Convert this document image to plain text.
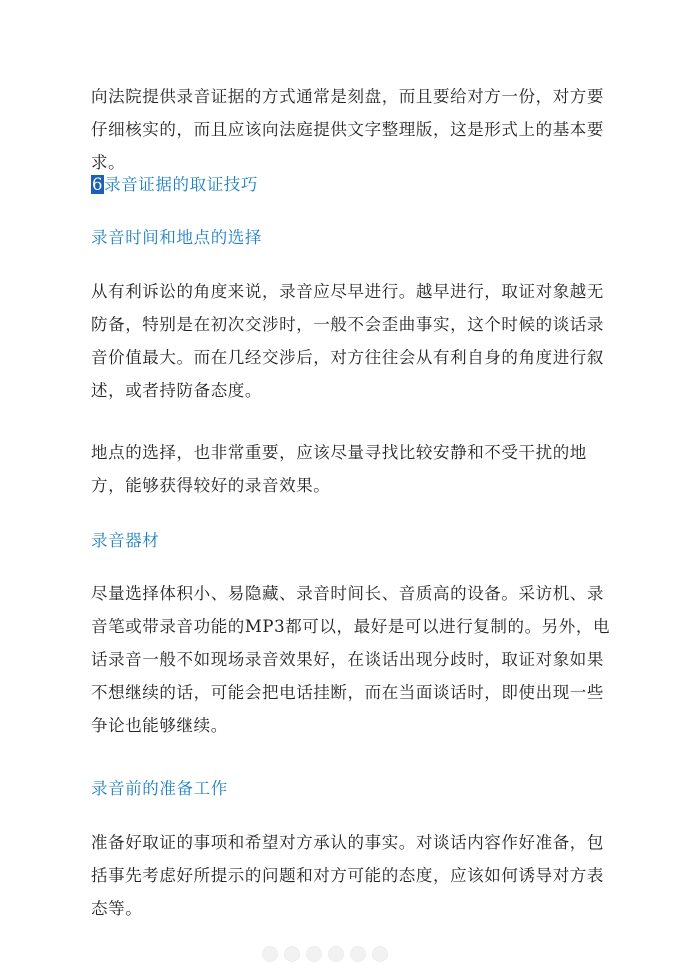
向法院提供录音证据的方式通常是刻盘，而且要给对方一份，对方要仔细核实的，而且应该向法庭提供文字整理版，这是形式上的基本要求。

6录音证据的取证技巧

录音时间和地点的选择

从有利诉讼的角度来说，录音应尽早进行。越早进行，取证对象越无防备，特别是在初次交涉时，一般不会歪曲事实，这个时候的谈话录音价值最大。而在几经交涉后，对方往往会从有利自身的角度进行叙述，或者持防备态度。

地点的选择，也非常重要，应该尽量寻找比较安静和不受干扰的地方，能够获得较好的录音效果。

录音器材

尽量选择体积小、易隐藏、录音时间长、音质高的设备。采访机、录音笔或带录音功能的MP3都可以，最好是可以进行复制的。另外，电话录音一般不如现场录音效果好，在谈话出现分歧时，取证对象如果不想继续的话，可能会把电话挂断，而在当面谈话时，即使出现一些争论也能够继续。

录音前的准备工作

准备好取证的事项和希望对方承认的事实。对谈话内容作好准备，包括事先考虑好所提示的问题和对方可能的态度，应该如何诱导对方表态等。
